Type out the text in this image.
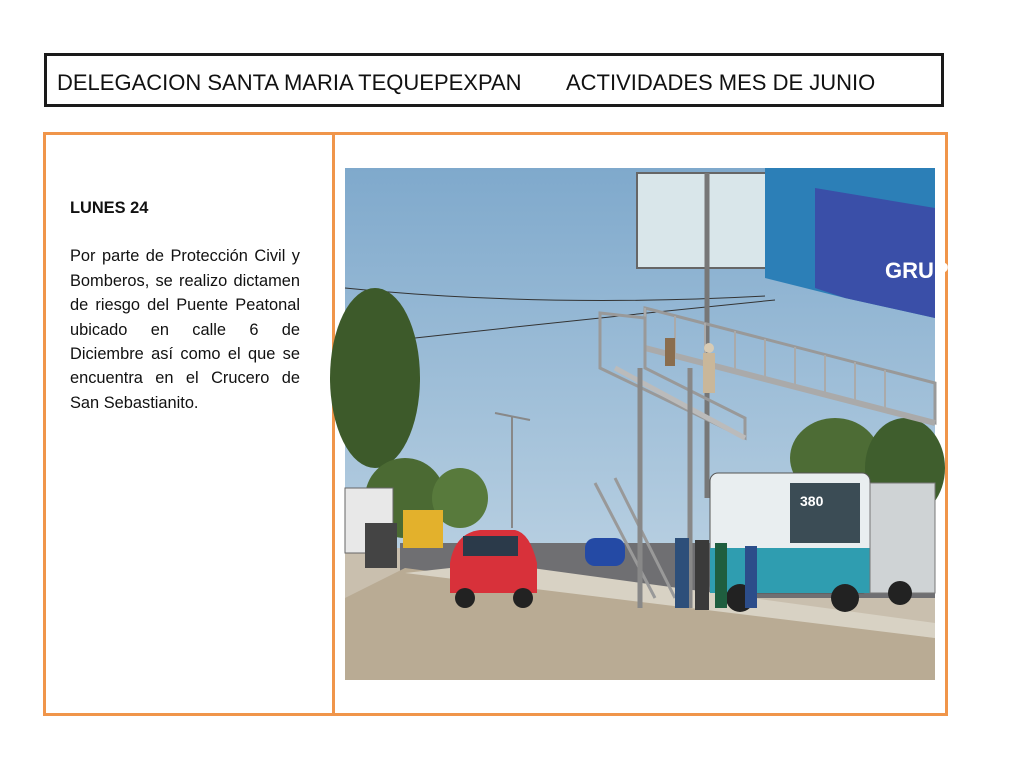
DELEGACION SANTA MARIA TEQUEPEXPAN ACTIVIDADES MES DE JUNIO
LUNES 24
Por parte de Protección Civil y Bomberos, se realizo dictamen de riesgo del Puente Peatonal ubicado en calle 6 de Diciembre así como el que se encuentra en el Crucero de San Sebastianito.
GRUPO REC
380
